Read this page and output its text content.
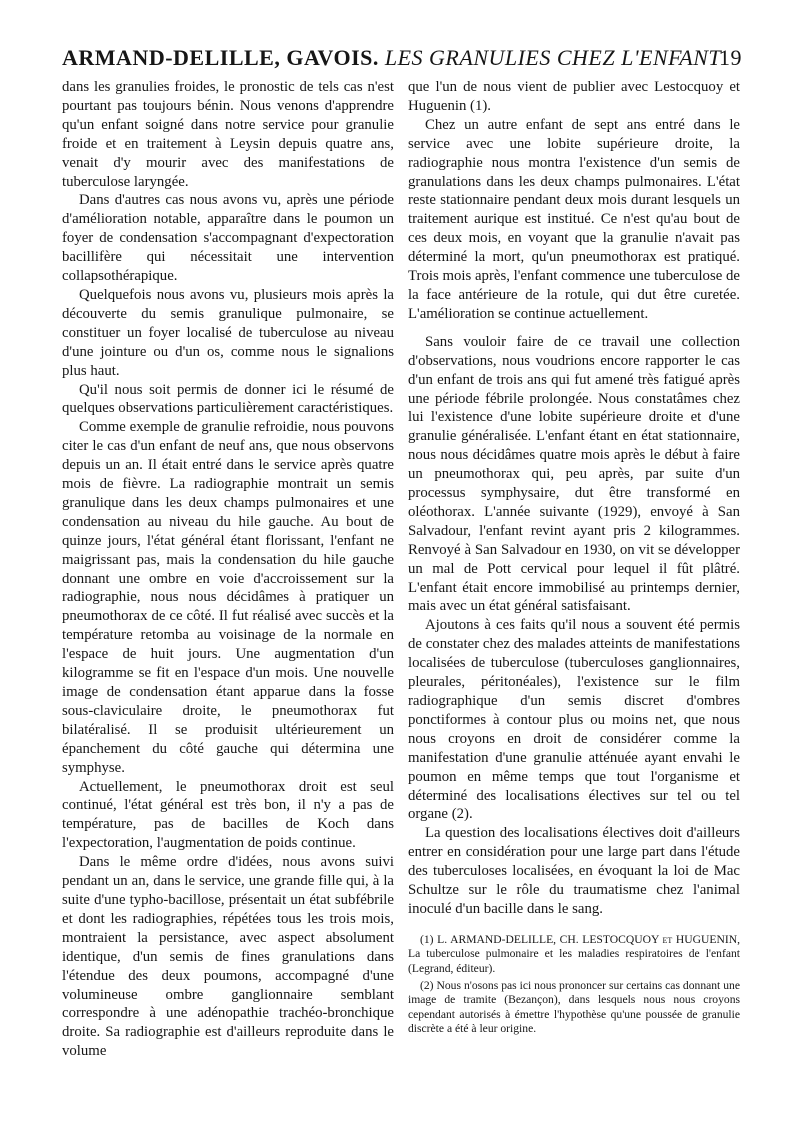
ARMAND-DELILLE, GAVOIS. LES GRANULIES CHEZ L'ENFANT
19

dans les granulies froides, le pronostic de tels cas n'est pourtant pas toujours bénin. Nous venons d'apprendre qu'un enfant soigné dans notre service pour granulie froide et en traitement à Leysin depuis quatre ans, venait d'y mourir avec des manifestations de tuberculose laryngée.

Dans d'autres cas nous avons vu, après une période d'amélioration notable, apparaître dans le poumon un foyer de condensation s'accompagnant d'expectoration bacillifère qui nécessitait une intervention collapsothérapique.

Quelquefois nous avons vu, plusieurs mois après la découverte du semis granulique pulmonaire, se constituer un foyer localisé de tuberculose au niveau d'une jointure ou d'un os, comme nous le signalions plus haut.

Qu'il nous soit permis de donner ici le résumé de quelques observations particulièrement caractéristiques.

Comme exemple de granulie refroidie, nous pouvons citer le cas d'un enfant de neuf ans, que nous observons depuis un an. Il était entré dans le service après quatre mois de fièvre. La radiographie montrait un semis granulique dans les deux champs pulmonaires et une condensation au niveau du hile gauche. Au bout de quinze jours, l'état général étant florissant, l'enfant ne maigrissant pas, mais la condensation du hile gauche donnant une ombre en voie d'accroissement sur la radiographie, nous nous décidâmes à pratiquer un pneumothorax de ce côté. Il fut réalisé avec succès et la température retomba au voisinage de la normale en l'espace de huit jours. Une augmentation d'un kilogramme se fit en l'espace d'un mois. Une nouvelle image de condensation étant apparue dans la fosse sous-claviculaire droite, le pneumothorax fut bilatéralisé. Il se produisit ultérieurement un épanchement du côté gauche qui détermina une symphyse.

Actuellement, le pneumothorax droit est seul continué, l'état général est très bon, il n'y a pas de température, pas de bacilles de Koch dans l'expectoration, l'augmentation de poids continue.

Dans le même ordre d'idées, nous avons suivi pendant un an, dans le service, une grande fille qui, à la suite d'une typho-bacillose, présentait un état subfébrile et dont les radiographies, répétées tous les trois mois, montraient la persistance, avec aspect absolument identique, d'un semis de fines granulations dans l'étendue des deux poumons, accompagné d'une volumineuse ombre ganglionnaire semblant correspondre à une adénopathie trachéo-bronchique droite. Sa radiographie est d'ailleurs reproduite dans le volume

que l'un de nous vient de publier avec Lestocquoy et Huguenin (1).

Chez un autre enfant de sept ans entré dans le service avec une lobite supérieure droite, la radiographie nous montra l'existence d'un semis de granulations dans les deux champs pulmonaires. L'état reste stationnaire pendant deux mois durant lesquels un traitement aurique est institué. Ce n'est qu'au bout de ces deux mois, en voyant que la granulie n'avait pas déterminé la mort, qu'un pneumothorax est pratiqué. Trois mois après, l'enfant commence une tuberculose de la face antérieure de la rotule, qui dut être curetée. L'amélioration se continue actuellement.

Sans vouloir faire de ce travail une collection d'observations, nous voudrions encore rapporter le cas d'un enfant de trois ans qui fut amené très fatigué après une période fébrile prolongée. Nous constatâmes chez lui l'existence d'une lobite supérieure droite et d'une granulie généralisée. L'enfant étant en état stationnaire, nous nous décidâmes quatre mois après le début à faire un pneumothorax qui, peu après, par suite d'un processus symphysaire, dut être transformé en oléothorax. L'année suivante (1929), envoyé à San Salvadour, l'enfant revint ayant pris 2 kilogrammes. Renvoyé à San Salvadour en 1930, on vit se développer un mal de Pott cervical pour lequel il fût plâtré. L'enfant était encore immobilisé au printemps dernier, mais avec un état général satisfaisant.

Ajoutons à ces faits qu'il nous a souvent été permis de constater chez des malades atteints de manifestations localisées de tuberculose (tuberculoses ganglionnaires, pleurales, péritonéales), l'existence sur le film radiographique d'un semis discret d'ombres ponctiformes à contour plus ou moins net, que nous nous croyons en droit de considérer comme la manifestation d'une granulie atténuée ayant envahi le poumon en même temps que tout l'organisme et déterminé des localisations électives sur tel ou tel organe (2).

La question des localisations électives doit d'ailleurs entrer en considération pour une large part dans l'étude des tuberculoses localisées, en évoquant la loi de Mac Schultze sur le rôle du traumatisme chez l'animal inoculé d'un bacille dans le sang.

(1) L. ARMAND-DELILLE, CH. LESTOCQUOY et HUGUENIN, La tuberculose pulmonaire et les maladies respiratoires de l'enfant (Legrand, éditeur).

(2) Nous n'osons pas ici nous prononcer sur certains cas donnant une image de tramite (Bezançon), dans lesquels nous nous croyons cependant autorisés à émettre l'hypothèse qu'une poussée de granulie discrète a été à leur origine.
